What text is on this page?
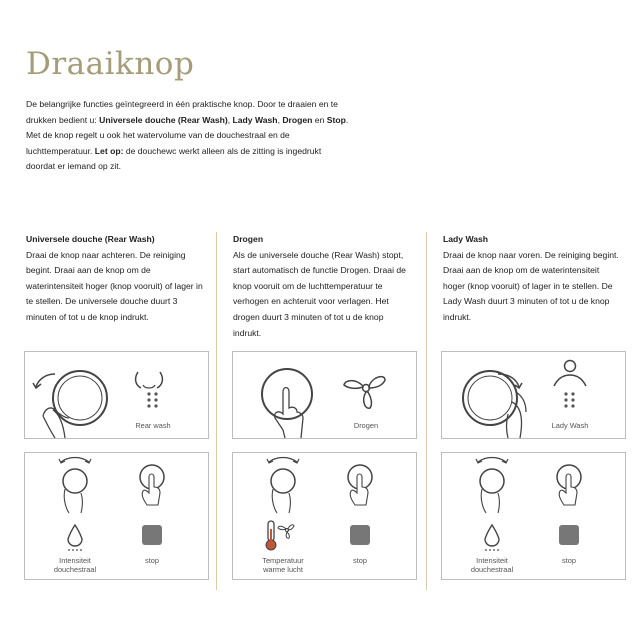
Draaiknop
De belangrijke functies geïntegreerd in één praktische knop. Door te draaien en te drukken bedient u: Universele douche (Rear Wash), Lady Wash, Drogen en Stop. Met de knop regelt u ook het watervolume van de douchestraal en de luchttemperatuur. Let op: de douchewc werkt alleen als de zitting is ingedrukt doordat er iemand op zit.
Universele douche (Rear Wash)

Draai de knop naar achteren. De reiniging begint. Draai aan de knop om de waterintensiteit hoger (knop vooruit) of lager in te stellen. De universele douche duurt 3 minuten of tot u de knop indrukt.

Drogen

Als de universele douche (Rear Wash) stopt, start automatisch de functie Drogen. Draai de knop vooruit om de luchttemperatuur te verhogen en achteruit voor verlagen. Het drogen duurt 3 minuten of tot u de knop indrukt.

Lady Wash

Draai de knop naar voren. De reiniging begint. Draai aan de knop om de waterintensiteit hoger (knop vooruit) of lager in te stellen. De Lady Wash duurt 3 minuten of tot u de knop indrukt.

Rear wash	Drogen	Lady Wash
Intensiteit
douchestraal
stop	Temperatuur
warme lucht
stop	Intensiteit
douchestraal
stop
